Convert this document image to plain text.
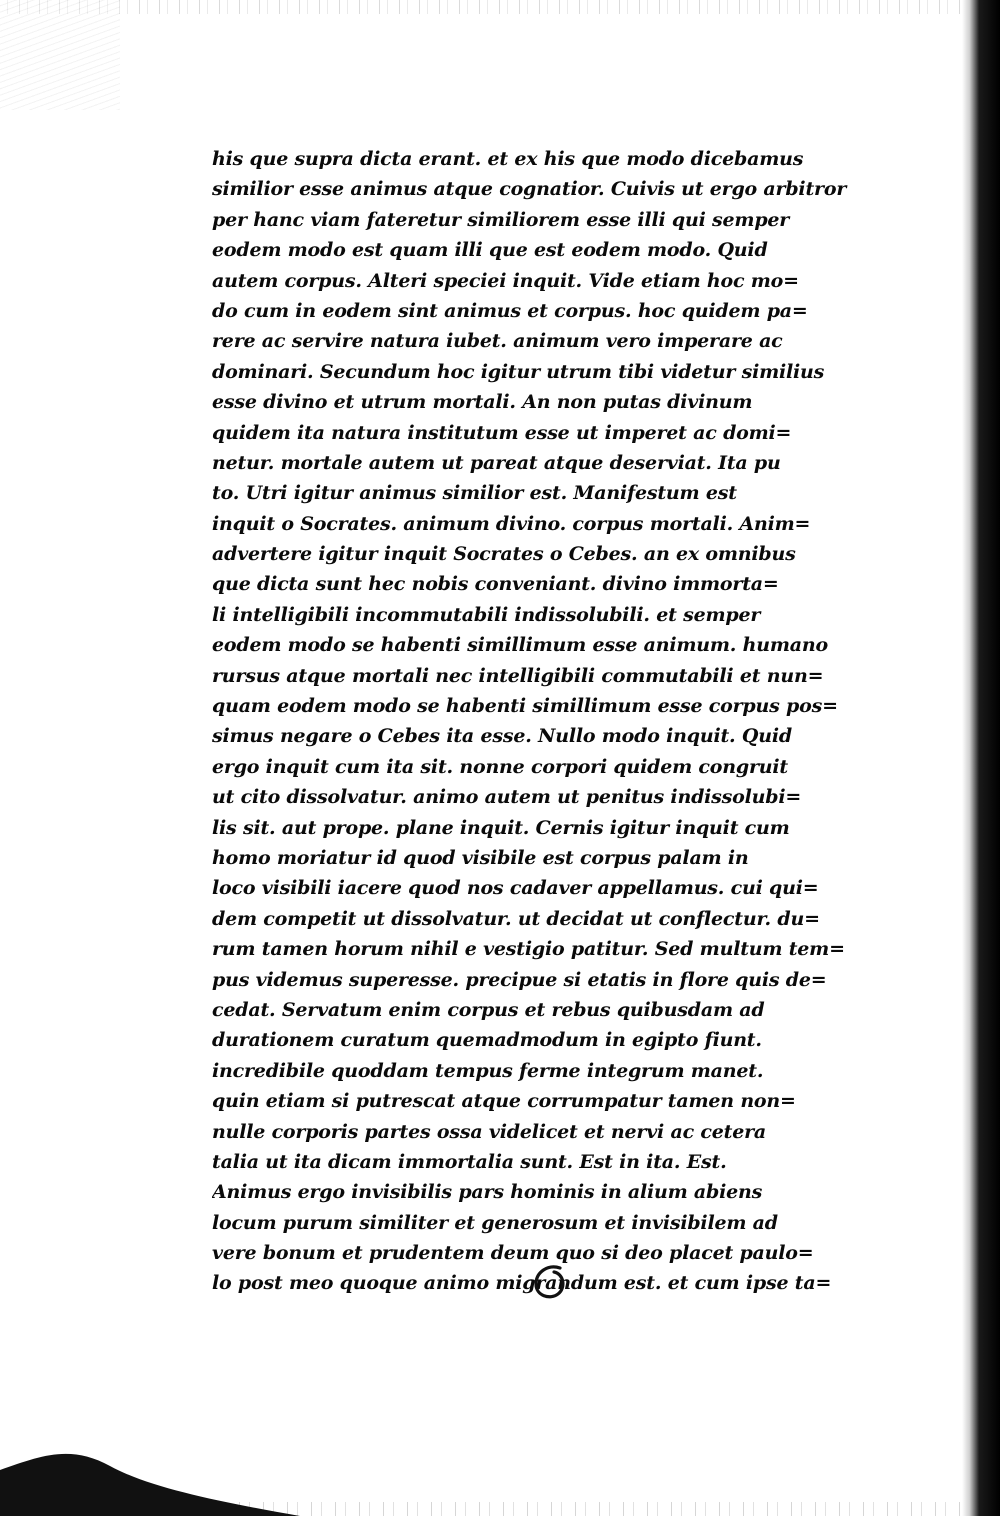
his que supra dicta erant. et ex his que modo dicebamus
similior esse animus atque cognatior. Cuivis ut ergo arbitror
per hanc viam fateretur similiorem esse illi qui semper
eodem modo est quam illi que est eodem modo. Quid
autem corpus. Alteri speciei inquit. Vide etiam hoc mo=
do cum in eodem sint animus et corpus. hoc quidem pa=
rere ac servire natura iubet. animum vero imperare ac
dominari. Secundum hoc igitur utrum tibi videtur similius
esse divino et utrum mortali. An non putas divinum
quidem ita natura institutum esse ut imperet ac domi=
netur. mortale autem ut pareat atque deserviat. Ita pu
to. Utri igitur animus similior est. Manifestum est
inquit o Socrates. animum divino. corpus mortali. Anim=
advertere igitur inquit Socrates o Cebes. an ex omnibus
que dicta sunt hec nobis conveniant. divino immorta=
li intelligibili incommutabili indissolubili. et semper
eodem modo se habenti simillimum esse animum. humano
rursus atque mortali nec intelligibili commutabili et nun=
quam eodem modo se habenti simillimum esse corpus pos=
simus negare o Cebes ita esse. Nullo modo inquit. Quid
ergo inquit cum ita sit. nonne corpori quidem congruit
ut cito dissolvatur. animo autem ut penitus indissolubi=
lis sit. aut prope. plane inquit. Cernis igitur inquit cum
homo moriatur id quod visibile est corpus palam in
loco visibili iacere quod nos cadaver appellamus. cui qui=
dem competit ut dissolvatur. ut decidat ut conflectur. du=
rum tamen horum nihil e vestigio patitur. Sed multum tem=
pus videmus superesse. precipue si etatis in flore quis de=
cedat. Servatum enim corpus et rebus quibusdam ad
durationem curatum quemadmodum in egipto fiunt.
incredibile quoddam tempus ferme integrum manet.
quin etiam si putrescat atque corrumpatur tamen non=
nulle corporis partes ossa videlicet et nervi ac cetera
talia ut ita dicam immortalia sunt. Est in ita. Est.
Animus ergo invisibilis pars hominis in alium abiens
locum purum similiter et generosum et invisibilem ad
vere bonum et prudentem deum quo si deo placet paulo=
lo post meo quoque animo migrandum est. et cum ipse ta=
